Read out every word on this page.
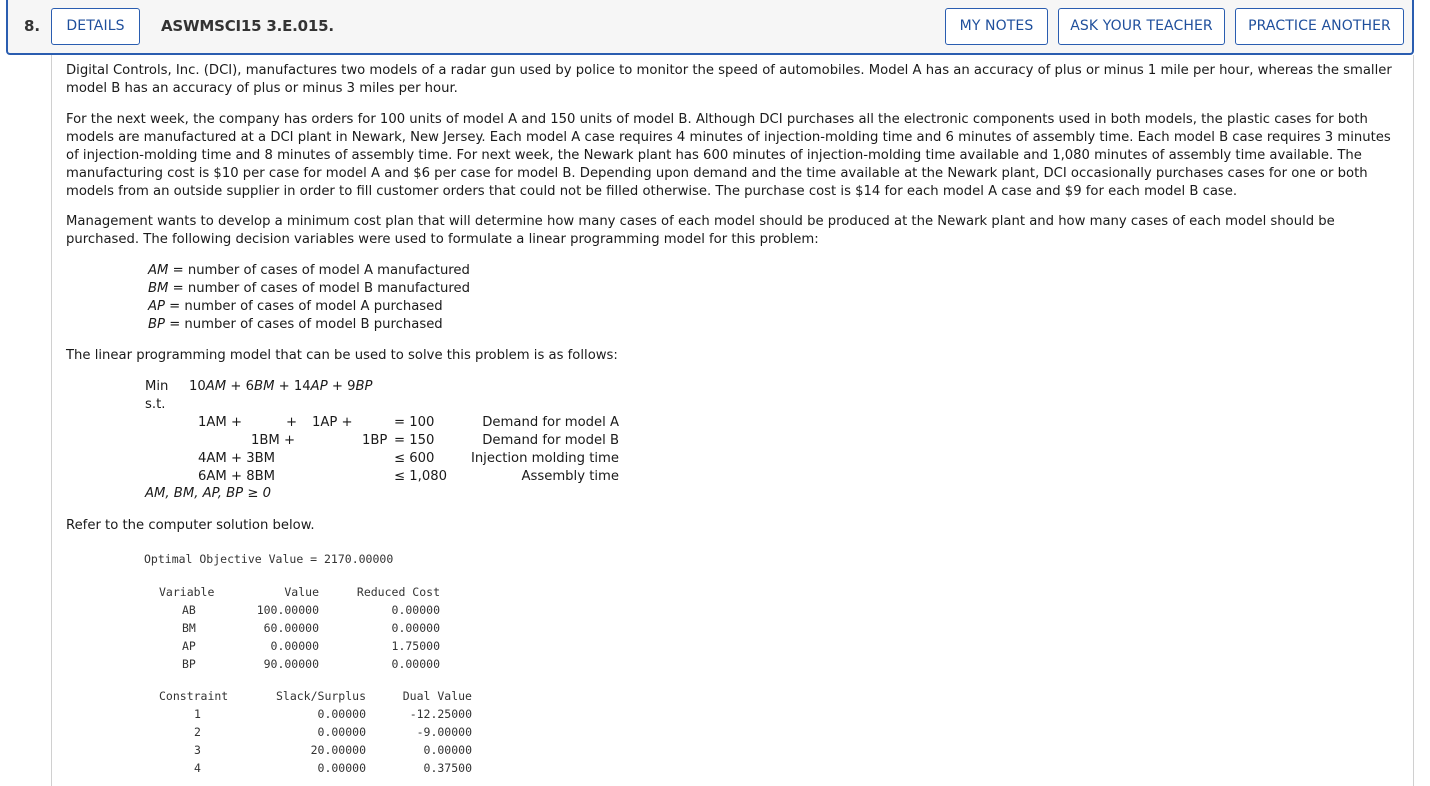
8.	DETAILS	ASWMSCI15 3.E.015.	MY NOTES	ASK YOUR TEACHER	PRACTICE ANOTHER

Digital Controls, Inc. (DCI), manufactures two models of a radar gun used by police to monitor the speed of automobiles. Model A has an accuracy of plus or minus 1 mile per hour, whereas the smaller model B has an accuracy of plus or minus 3 miles per hour.

For the next week, the company has orders for 100 units of model A and 150 units of model B. Although DCI purchases all the electronic components used in both models, the plastic cases for both models are manufactured at a DCI plant in Newark, New Jersey. Each model A case requires 4 minutes of injection-molding time and 6 minutes of assembly time. Each model B case requires 3 minutes of injection-molding time and 8 minutes of assembly time. For next week, the Newark plant has 600 minutes of injection-molding time available and 1,080 minutes of assembly time available. The manufacturing cost is $10 per case for model A and $6 per case for model B. Depending upon demand and the time available at the Newark plant, DCI occasionally purchases cases for one or both models from an outside supplier in order to fill customer orders that could not be filled otherwise. The purchase cost is $14 for each model A case and $9 for each model B case.

Management wants to develop a minimum cost plan that will determine how many cases of each model should be produced at the Newark plant and how many cases of each model should be purchased. The following decision variables were used to formulate a linear programming model for this problem:

AM = number of cases of model A manufactured
BM = number of cases of model B manufactured
AP = number of cases of model A purchased
BP = number of cases of model B purchased

The linear programming model that can be used to solve this problem is as follows:

Min 10AM + 6BM + 14AP + 9BP
s.t.
1AM +	+ 1AP +	= 100	Demand for model A
1BM +	1BP = 150	Demand for model B
4AM + 3BM	≤ 600	Injection molding time
6AM + 8BM	≤ 1,080	Assembly time
AM, BM, AP, BP ≥ 0

Refer to the computer solution below.

Optimal Objective Value = 2170.00000
Variable	Value	Reduced Cost
AB	100.00000	0.00000
BM	60.00000	0.00000
AP	0.00000	1.75000
BP	90.00000	0.00000
Constraint	Slack/Surplus	Dual Value
1	0.00000	-12.25000
2	0.00000	-9.00000
3	20.00000	0.00000
4	0.00000	0.37500
